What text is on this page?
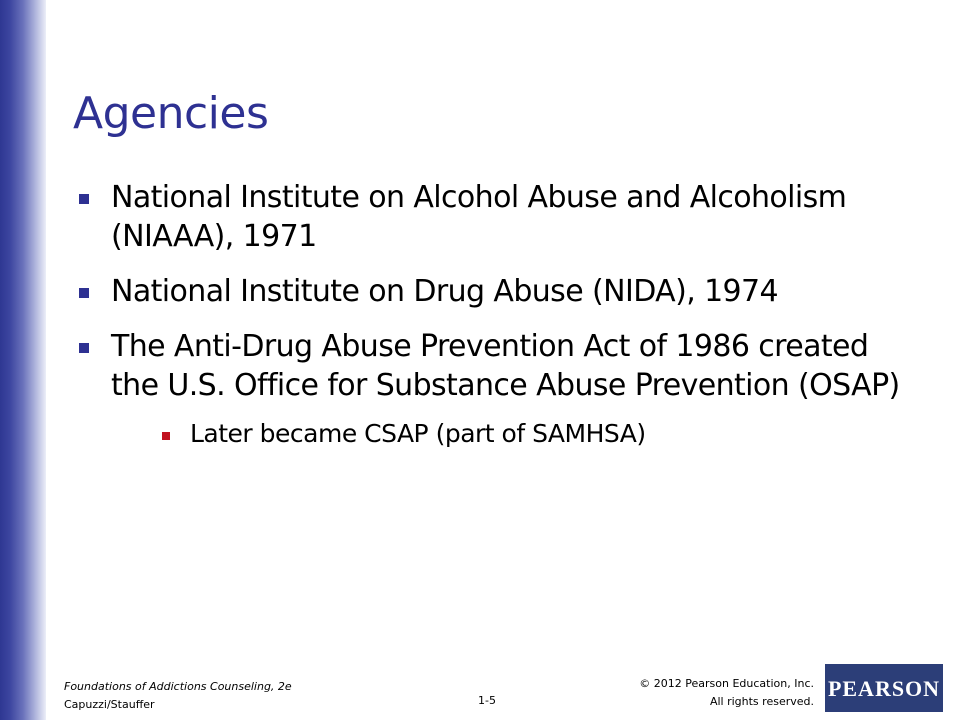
Agencies
National Institute on Alcohol Abuse and Alcoholism (NIAAA), 1971
National Institute on Drug Abuse (NIDA), 1974
The Anti-Drug Abuse Prevention Act of 1986 created the U.S. Office for Substance Abuse Prevention (OSAP)
Later became CSAP (part of SAMHSA)
Foundations of Addictions Counseling, 2e
Capuzzi/Stauffer	1-5
© 2012 Pearson Education, Inc.
All rights reserved.
PEARSON
